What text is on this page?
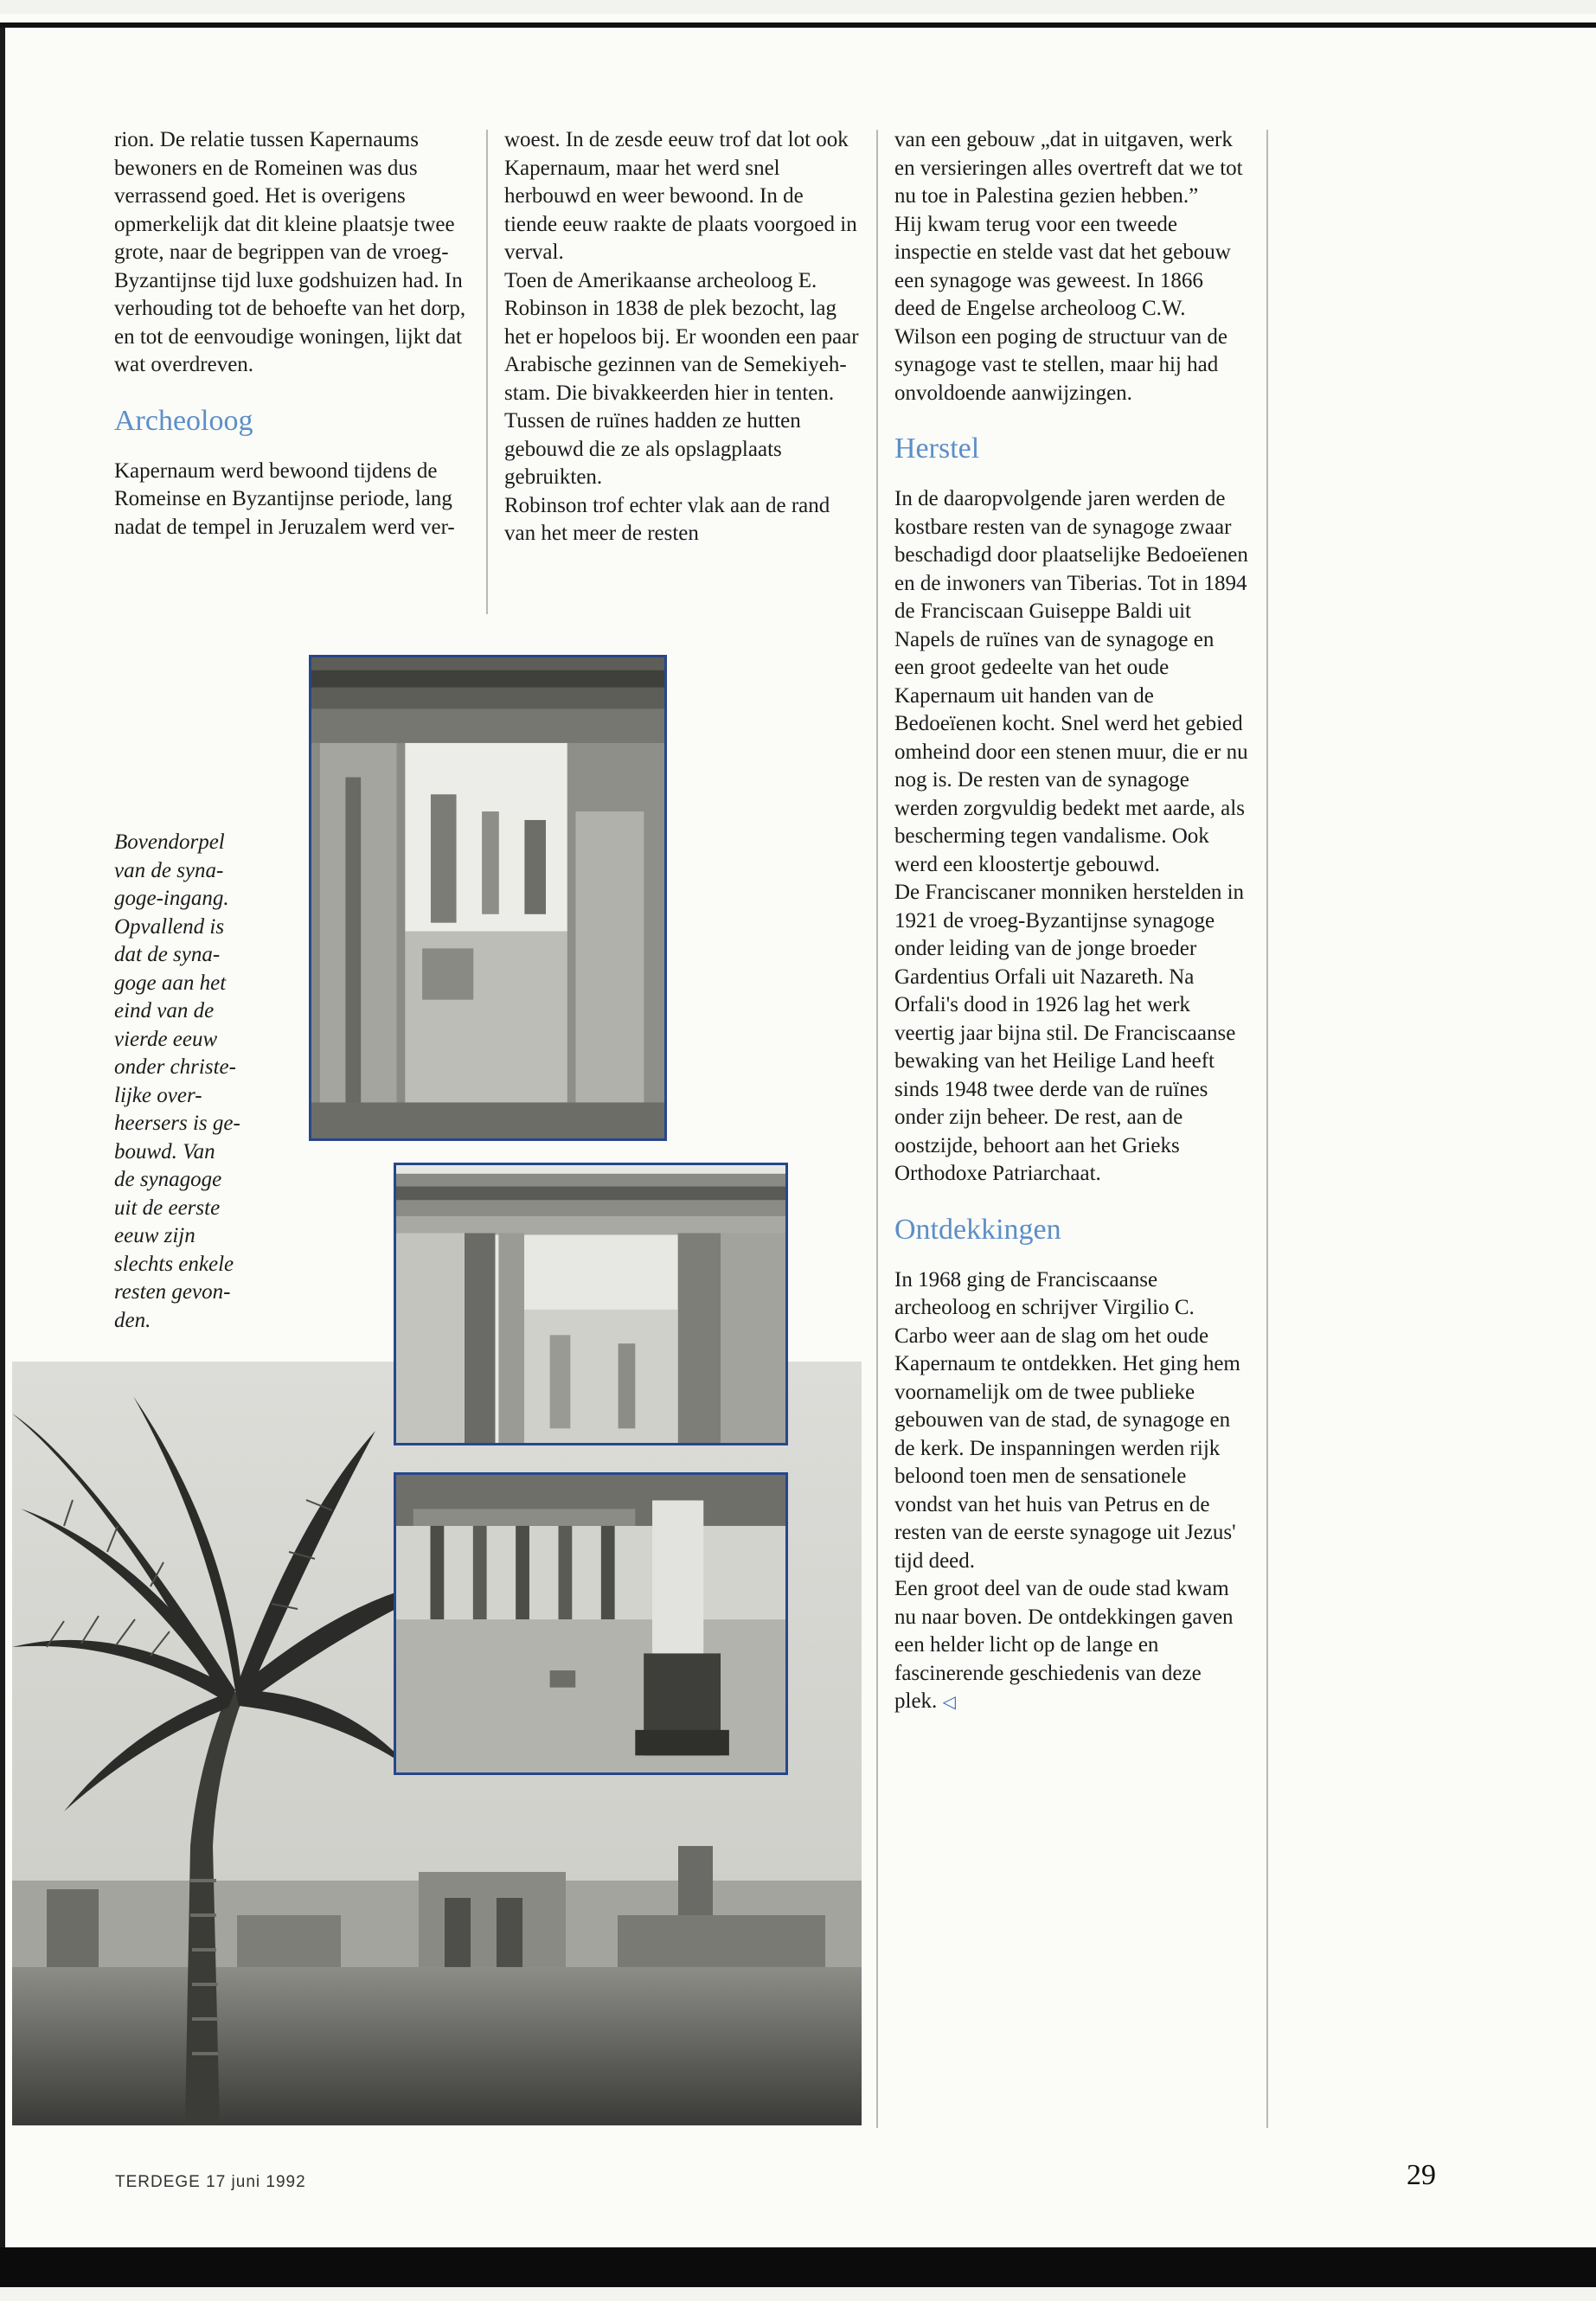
rion. De relatie tussen Kapernaums bewoners en de Romeinen was dus verrassend goed. Het is overigens opmerkelijk dat dit kleine plaatsje twee grote, naar de begrippen van de vroeg-Byzantijnse tijd luxe godshuizen had. In verhouding tot de behoefte van het dorp, en tot de eenvoudige woningen, lijkt dat wat overdreven.

Archeoloog

Kapernaum werd bewoond tijdens de Romeinse en Byzantijnse periode, lang nadat de tempel in Jeruzalem werd ver-

woest. In de zesde eeuw trof dat lot ook Kapernaum, maar het werd snel herbouwd en weer bewoond. In de tiende eeuw raakte de plaats voorgoed in verval.

Toen de Amerikaanse archeoloog E. Robinson in 1838 de plek bezocht, lag het er hopeloos bij. Er woonden een paar Arabische gezinnen van de Semekiyeh-stam. Die bivakkeerden hier in tenten. Tussen de ruïnes hadden ze hutten gebouwd die ze als opslagplaats gebruikten.

Robinson trof echter vlak aan de rand van het meer de resten

van een gebouw „dat in uitgaven, werk en versieringen alles overtreft dat we tot nu toe in Palestina gezien hebben.”

Hij kwam terug voor een tweede inspectie en stelde vast dat het gebouw een synagoge was geweest. In 1866 deed de Engelse archeoloog C.W. Wilson een poging de structuur van de synagoge vast te stellen, maar hij had onvoldoende aanwijzingen.

Herstel

In de daaropvolgende jaren werden de kostbare resten van de synagoge zwaar beschadigd door plaatselijke Bedoeïenen en de inwoners van Tiberias. Tot in 1894 de Franciscaan Guiseppe Baldi uit Napels de ruïnes van de synagoge en een groot gedeelte van het oude Kapernaum uit handen van de Bedoeïenen kocht. Snel werd het gebied omheind door een stenen muur, die er nu nog is. De resten van de synagoge werden zorgvuldig bedekt met aarde, als bescherming tegen vandalisme. Ook werd een kloostertje gebouwd.

De Franciscaner monniken herstelden in 1921 de vroeg-Byzantijnse synagoge onder leiding van de jonge broeder Gardentius Orfali uit Nazareth. Na Orfali's dood in 1926 lag het werk veertig jaar bijna stil. De Franciscaanse bewaking van het Heilige Land heeft sinds 1948 twee derde van de ruïnes onder zijn beheer. De rest, aan de oostzijde, behoort aan het Grieks Orthodoxe Patriarchaat.

Ontdekkingen

In 1968 ging de Franciscaanse archeoloog en schrijver Virgilio C. Carbo weer aan de slag om het oude Kapernaum te ontdekken. Het ging hem voornamelijk om de twee publieke gebouwen van de stad, de synagoge en de kerk. De inspanningen werden rijk beloond toen men de sensationele vondst van het huis van Petrus en de resten van de eerste synagoge uit Jezus' tijd deed.

Een groot deel van de oude stad kwam nu naar boven. De ontdekkingen gaven een helder licht op de lange en fascinerende geschiedenis van deze plek. ◁

Bovendorpel

van de syna-

goge-ingang.

Opvallend is

dat de syna-

goge aan het

eind van de

vierde eeuw

onder christe-

lijke over-

heersers is ge-

bouwd. Van

de synagoge

uit de eerste

eeuw zijn

slechts enkele

resten gevon-

den.

TERDEGE 17 juni 1992	29
